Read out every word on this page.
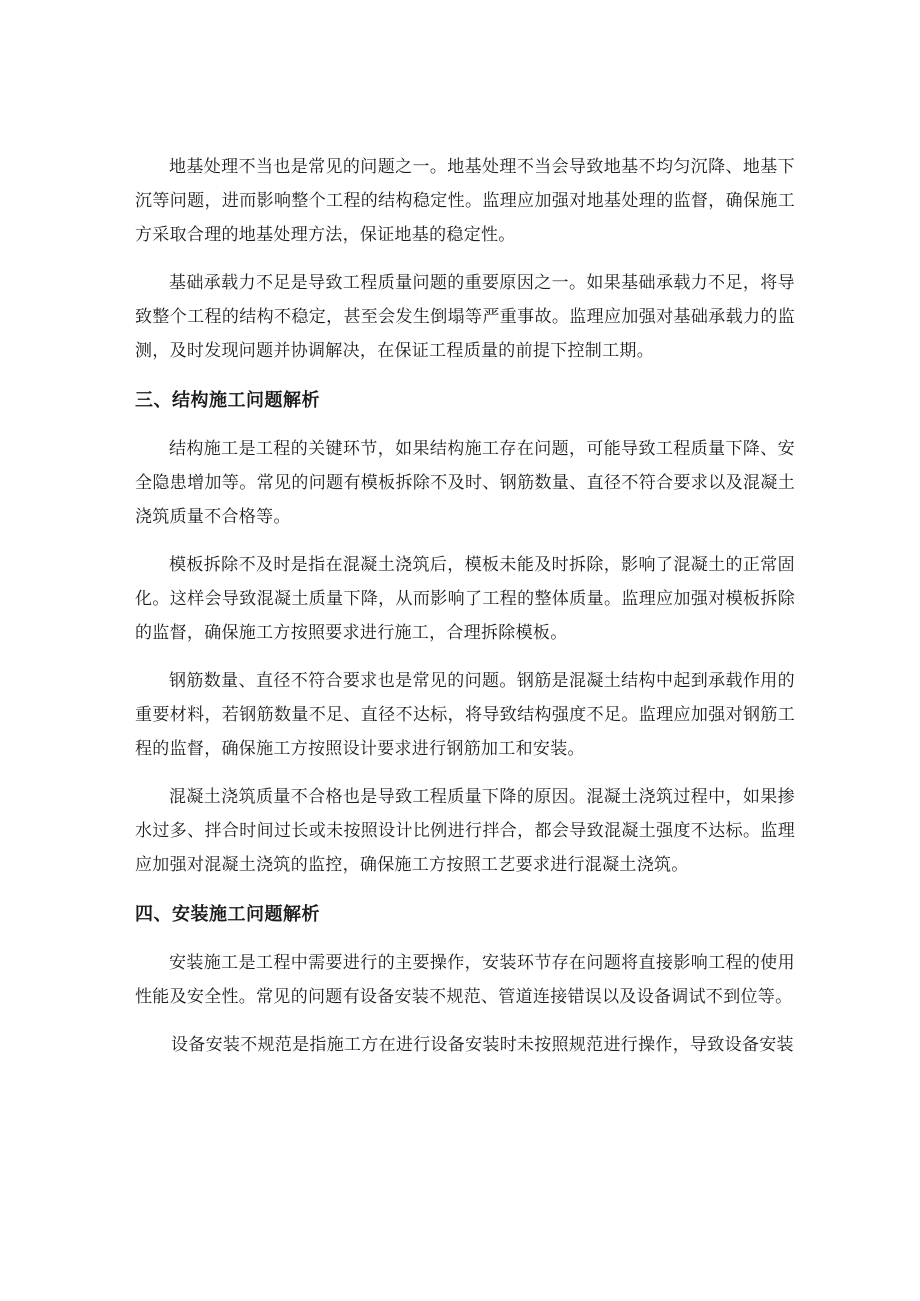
地基处理不当也是常见的问题之一。地基处理不当会导致地基不均匀沉降、地基下沉等问题，进而影响整个工程的结构稳定性。监理应加强对地基处理的监督，确保施工方采取合理的地基处理方法，保证地基的稳定性。

基础承载力不足是导致工程质量问题的重要原因之一。如果基础承载力不足，将导致整个工程的结构不稳定，甚至会发生倒塌等严重事故。监理应加强对基础承载力的监测，及时发现问题并协调解决，在保证工程质量的前提下控制工期。

三、结构施工问题解析

结构施工是工程的关键环节，如果结构施工存在问题，可能导致工程质量下降、安全隐患增加等。常见的问题有模板拆除不及时、钢筋数量、直径不符合要求以及混凝土浇筑质量不合格等。

模板拆除不及时是指在混凝土浇筑后，模板未能及时拆除，影响了混凝土的正常固化。这样会导致混凝土质量下降，从而影响了工程的整体质量。监理应加强对模板拆除的监督，确保施工方按照要求进行施工，合理拆除模板。

钢筋数量、直径不符合要求也是常见的问题。钢筋是混凝土结构中起到承载作用的重要材料，若钢筋数量不足、直径不达标，将导致结构强度不足。监理应加强对钢筋工程的监督，确保施工方按照设计要求进行钢筋加工和安装。

混凝土浇筑质量不合格也是导致工程质量下降的原因。混凝土浇筑过程中，如果掺水过多、拌合时间过长或未按照设计比例进行拌合，都会导致混凝土强度不达标。监理应加强对混凝土浇筑的监控，确保施工方按照工艺要求进行混凝土浇筑。

四、安装施工问题解析

安装施工是工程中需要进行的主要操作，安装环节存在问题将直接影响工程的使用性能及安全性。常见的问题有设备安装不规范、管道连接错误以及设备调试不到位等。

设备安装不规范是指施工方在进行设备安装时未按照规范进行操作，导致设备安装
